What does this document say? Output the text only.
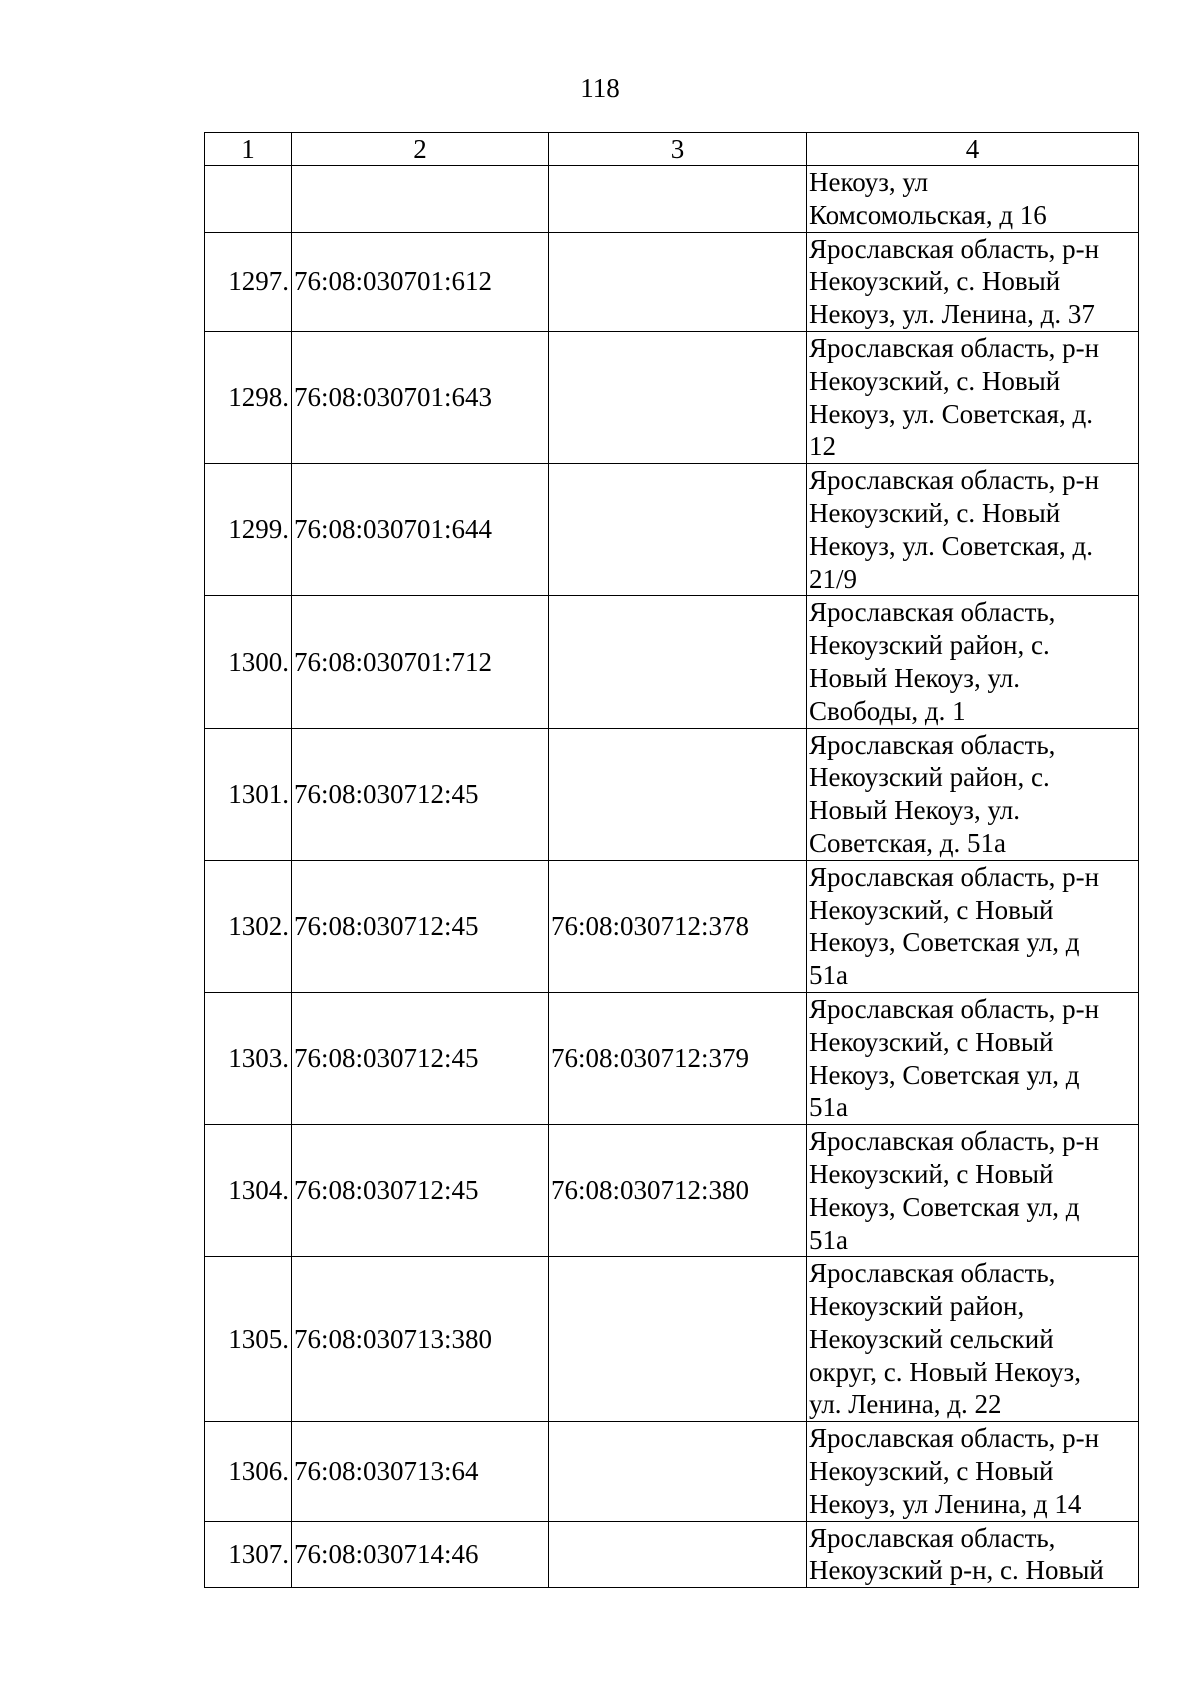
118
1	2	3	4

			Некоуз, ул
Комсомольская, д 16

1297.	76:08:030701:612		Ярославская область, р-н
Некоузский, с. Новый
Некоуз, ул. Ленина, д. 37

1298.	76:08:030701:643		Ярославская область, р-н
Некоузский, с. Новый
Некоуз, ул. Советская, д.
12

1299.	76:08:030701:644		Ярославская область, р-н
Некоузский, с. Новый
Некоуз, ул. Советская, д.
21/9

1300.	76:08:030701:712		Ярославская область,
Некоузский район, с.
Новый Некоуз, ул.
Свободы, д. 1

1301.	76:08:030712:45		Ярославская область,
Некоузский район, с.
Новый Некоуз, ул.
Советская, д. 51а

1302.	76:08:030712:45	76:08:030712:378	Ярославская область, р-н
Некоузский, с Новый
Некоуз, Советская ул, д
51а

1303.	76:08:030712:45	76:08:030712:379	Ярославская область, р-н
Некоузский, с Новый
Некоуз, Советская ул, д
51а

1304.	76:08:030712:45	76:08:030712:380	Ярославская область, р-н
Некоузский, с Новый
Некоуз, Советская ул, д
51а

1305.	76:08:030713:380		Ярославская область,
Некоузский район,
Некоузский сельский
округ, с. Новый Некоуз,
ул. Ленина, д. 22

1306.	76:08:030713:64		Ярославская область, р-н
Некоузский, с Новый
Некоуз, ул Ленина, д 14

1307.	76:08:030714:46		Ярославская область,
Некоузский р-н, с. Новый
